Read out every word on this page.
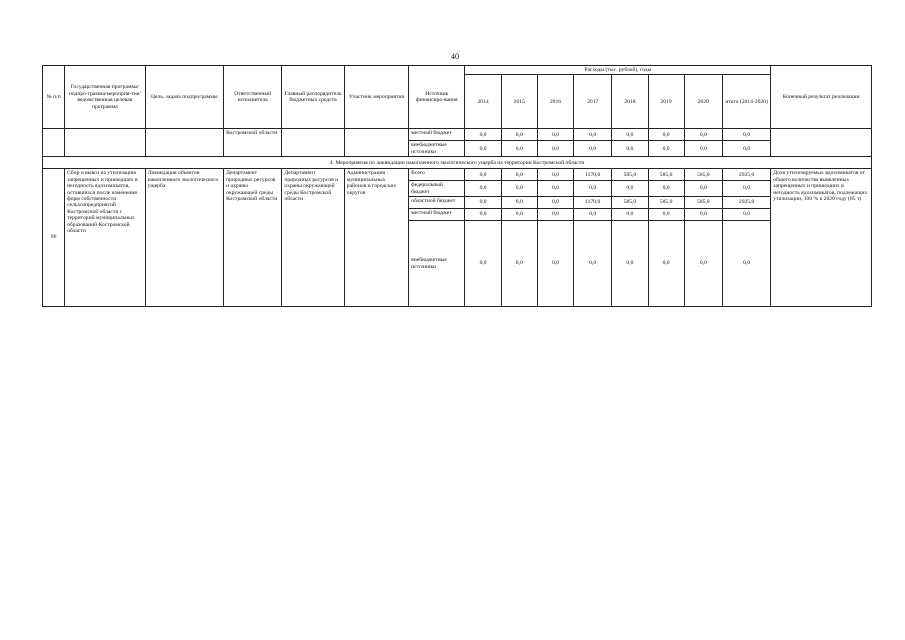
40
№ п/п	Государственная программа/подпро-грамма/мероприя-тие/ведомственная целевая программа	Цель, задача подпрограммы	Ответственный исполнитель	Главный распорядитель бюджетных средств	Участник мероприятия	Источник финансиро-вания	Расходы (тыс. рублей), годы								Конечный результат реализации
							2014	2015	2016	2017	2018	2019	2020	итого (2014-2020)	
			Костромской области			местный бюджет	0,0	0,0	0,0	0,0	0,0	0,0	0,0	0,0	
						внебюджетные источники	0,0	0,0	0,0	0,0	0,0	0,0	0,0	0,0	
4. Мероприятия по ликвидации накопленного экологического ущерба на территории Костромской области															
96	Сбор и вывоз на утилизацию запрещенных и пришедших в негодность ядохимикатов, оставшихся после изменения форм собственности сельхозпредприятий Костромской области с территорий муниципальных образований Костромской области	Ликвидация объектов накопленного экологического ущерба	Департамент природных ресурсов и охраны окружающей среды Костромской области	Департамент природных ресурсов и охраны окружающей среды Костромской области	Администрации муниципальных районов и городских округов	Всего	0,0	0,0	0,0	1170,0	585,0	585,0	585,0	2925,0	Доля утилизируемых ядохимикатов от общего количества выявленных запрещенных и пришедших в негодность ядохимикатов, подлежащих утилизации, 100 % к 2020 году (85 т)
						федеральный бюджет	0,0	0,0	0,0	0,0	0,0	0,0	0,0	0,0	
						областной бюджет	0,0	0,0	0,0	1170,0	585,0	585,0	585,0	2925,0	
						местный бюджет	0,0	0,0	0,0	0,0	0,0	0,0	0,0	0,0	
						внебюджетные источники	0,0	0,0	0,0	0,0	0,0	0,0	0,0	0,0	
